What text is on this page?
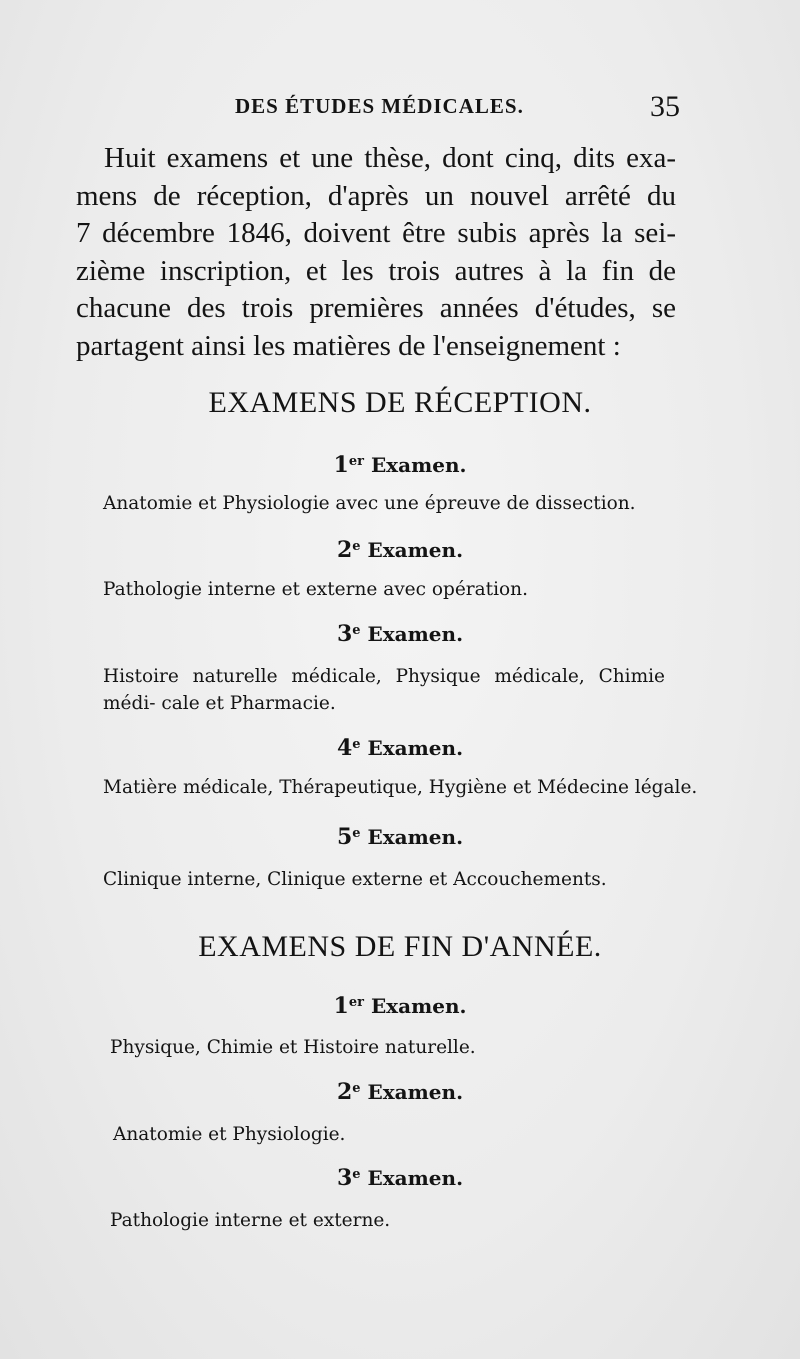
DES ÉTUDES MÉDICALES.	35
Huit examens et une thèse, dont cinq, dits exa-
mens de réception, d'après un nouvel arrêté du
7 décembre 1846, doivent être subis après la sei-
zième inscription, et les trois autres à la fin de
chacune des trois premières années d'études, se
partagent ainsi les matières de l'enseignement :
EXAMENS DE RÉCEPTION.
1er Examen.
Anatomie et Physiologie avec une épreuve de dissection.
2e Examen.
Pathologie interne et externe avec opération.
3e Examen.
Histoire naturelle médicale, Physique médicale, Chimie médi- cale et Pharmacie.
4e Examen.
Matière médicale, Thérapeutique, Hygiène et Médecine légale.
5e Examen.
Clinique interne, Clinique externe et Accouchements.
EXAMENS DE FIN D'ANNÉE.
1er Examen.
Physique, Chimie et Histoire naturelle.
2e Examen.
Anatomie et Physiologie.
3e Examen.
Pathologie interne et externe.
